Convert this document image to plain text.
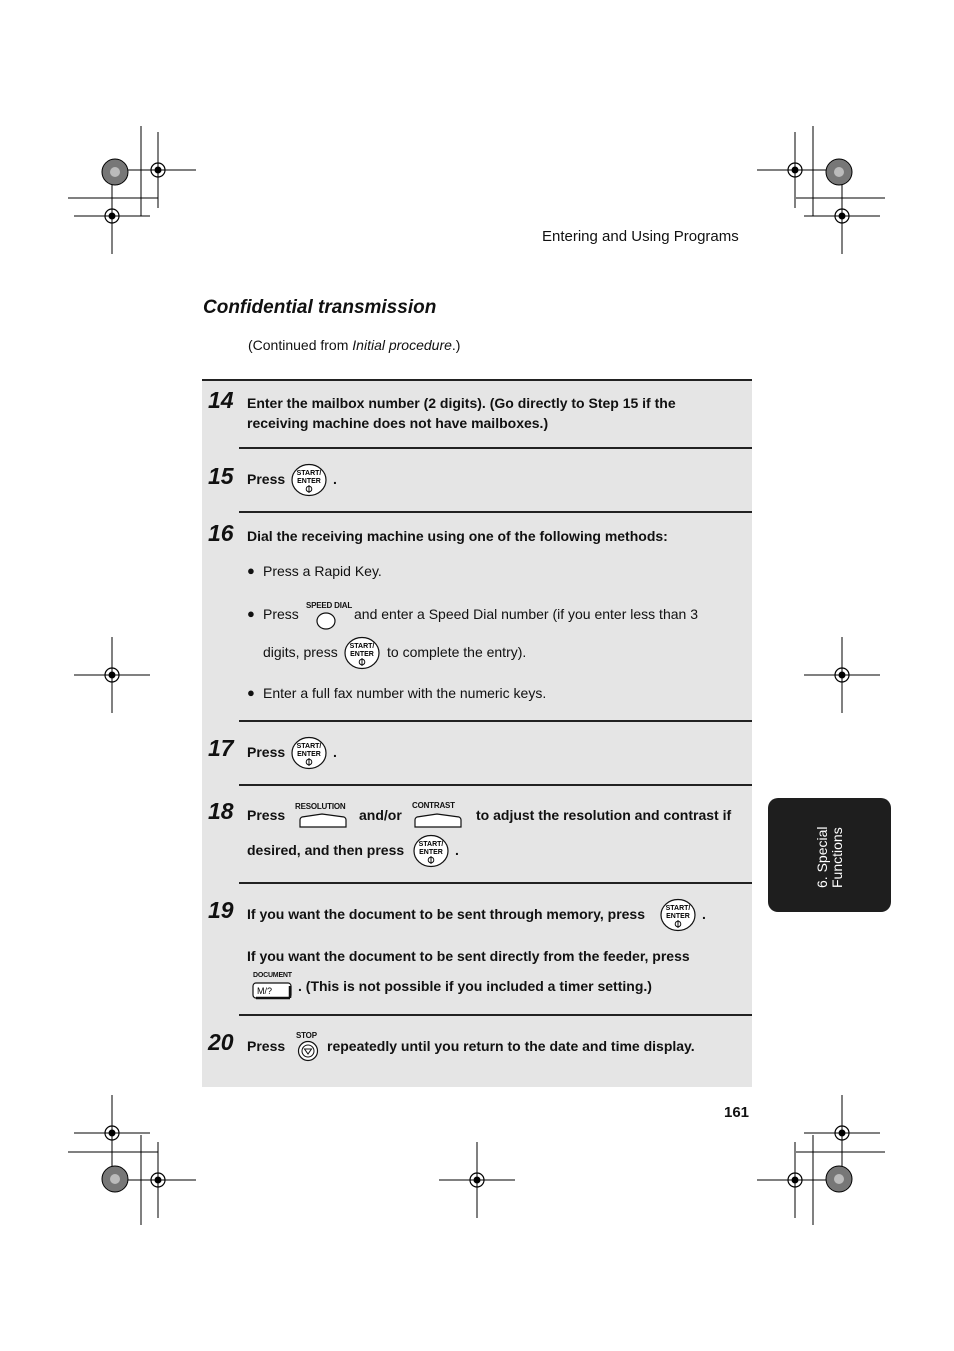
Entering and Using Programs
Confidential transmission
(Continued from Initial procedure.)
14 Enter the mailbox number (2 digits). (Go directly to Step 15 if the
receiving machine does not have mailboxes.)
15 Press START/
ENTER .
16 Dial the receiving machine using one of the following methods:
● Press a Rapid Key.
● Press
SPEED DIAL
and enter a Speed Dial number (if you enter less than 3
digits, press START/
ENTER to complete the entry).
● Enter a full fax number with the numeric keys.
17 Press START/
ENTER .
18 Press
RESOLUTION
and/or
CONTRAST
to adjust the resolution and contrast if
desired, and then press START/
ENTER .
19 If you want the document to be sent through memory, press	START/
ENTER .
If you want the document to be sent directly from the feeder, press
DOCUMENT
M/? . (This is not possible if you included a timer setting.)
20 Press
STOP
repeatedly until you return to the date and time display.
161
6. Special Functions
